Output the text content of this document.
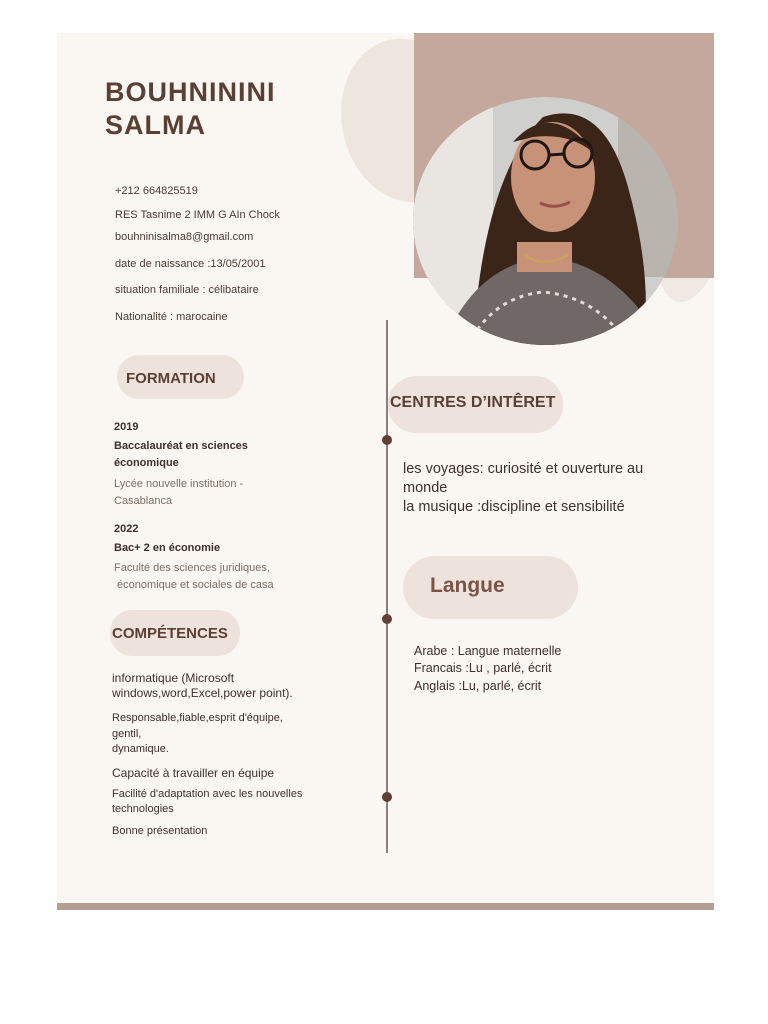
BOUHNININI
SALMA
+212 664825519
RES Tasnime 2 IMM G AIn Chock
bouhninisalma8@gmail.com
date de naissance :13/05/2001
situation familiale : célibataire
Nationalité : marocaine
FORMATION
2019
Baccalauréat en sciences
économique
Lycée nouvelle institution -
Casablanca
2022
Bac+ 2 en économie
Faculté des sciences juridiques,
économique et sociales de casa
COMPÉTENCES
informatique (Microsoft
windows,word,Excel,power point).
Responsable,fiable,esprit d'équipe,
gentil,
dynamique.
Capacité à travailler en équipe
Facilité d'adaptation avec les nouvelles
technologies
Bonne présentation
CENTRES D’INTÊRET
les voyages: curiosité et ouverture au
monde
la musique :discipline et sensibilité
Langue
Arabe : Langue maternelle
Francais :Lu , parlé, écrit
Anglais :Lu, parlé, écrit
